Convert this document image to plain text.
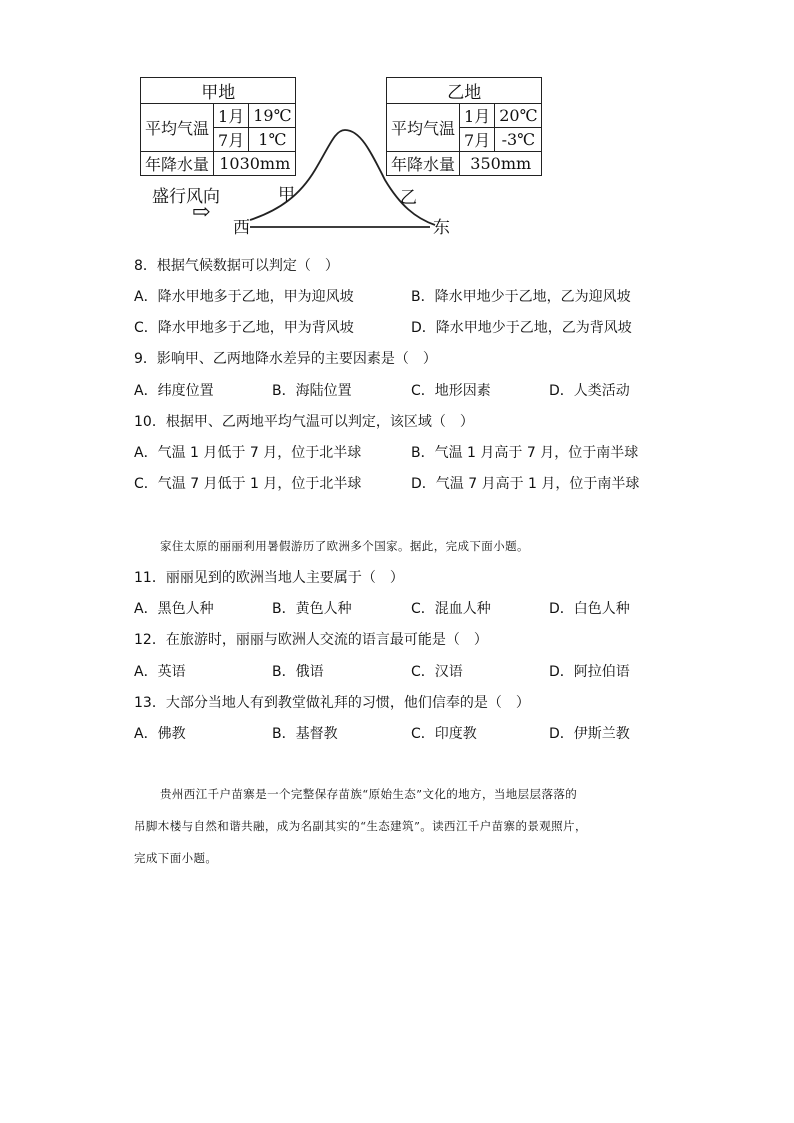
甲地		
平均气温	1月	19℃
	7月	1℃
年降水量	1030mm	
乙地		
平均气温	1月	20℃
	7月	-3℃
年降水量	350mm	
盛行风向
⇨
西
甲	乙
东
8．根据气候数据可以判定（　）
A．降水甲地多于乙地，甲为迎风坡	B．降水甲地少于乙地，乙为迎风坡
C．降水甲地多于乙地，甲为背风坡	D．降水甲地少于乙地，乙为背风坡
9．影响甲、乙两地降水差异的主要因素是（　）
A．纬度位置	B．海陆位置	C．地形因素	D．人类活动
10．根据甲、乙两地平均气温可以判定，该区域（　）
A．气温 1 月低于 7 月，位于北半球	B．气温 1 月高于 7 月，位于南半球
C．气温 7 月低于 1 月，位于北半球	D．气温 7 月高于 1 月，位于南半球
家住太原的丽丽利用暑假游历了欧洲多个国家。据此，完成下面小题。
11．丽丽见到的欧洲当地人主要属于（　）
A．黑色人种	B．黄色人种	C．混血人种	D．白色人种
12．在旅游时，丽丽与欧洲人交流的语言最可能是（　）
A．英语	B．俄语	C．汉语	D．阿拉伯语
13．大部分当地人有到教堂做礼拜的习惯，他们信奉的是（　）
A．佛教	B．基督教	C．印度教	D．伊斯兰教
贵州西江千户苗寨是一个完整保存苗族“原始生态”文化的地方，当地层层落落的
吊脚木楼与自然和谐共融，成为名副其实的“生态建筑”。读西江千户苗寨的景观照片，
完成下面小题。
